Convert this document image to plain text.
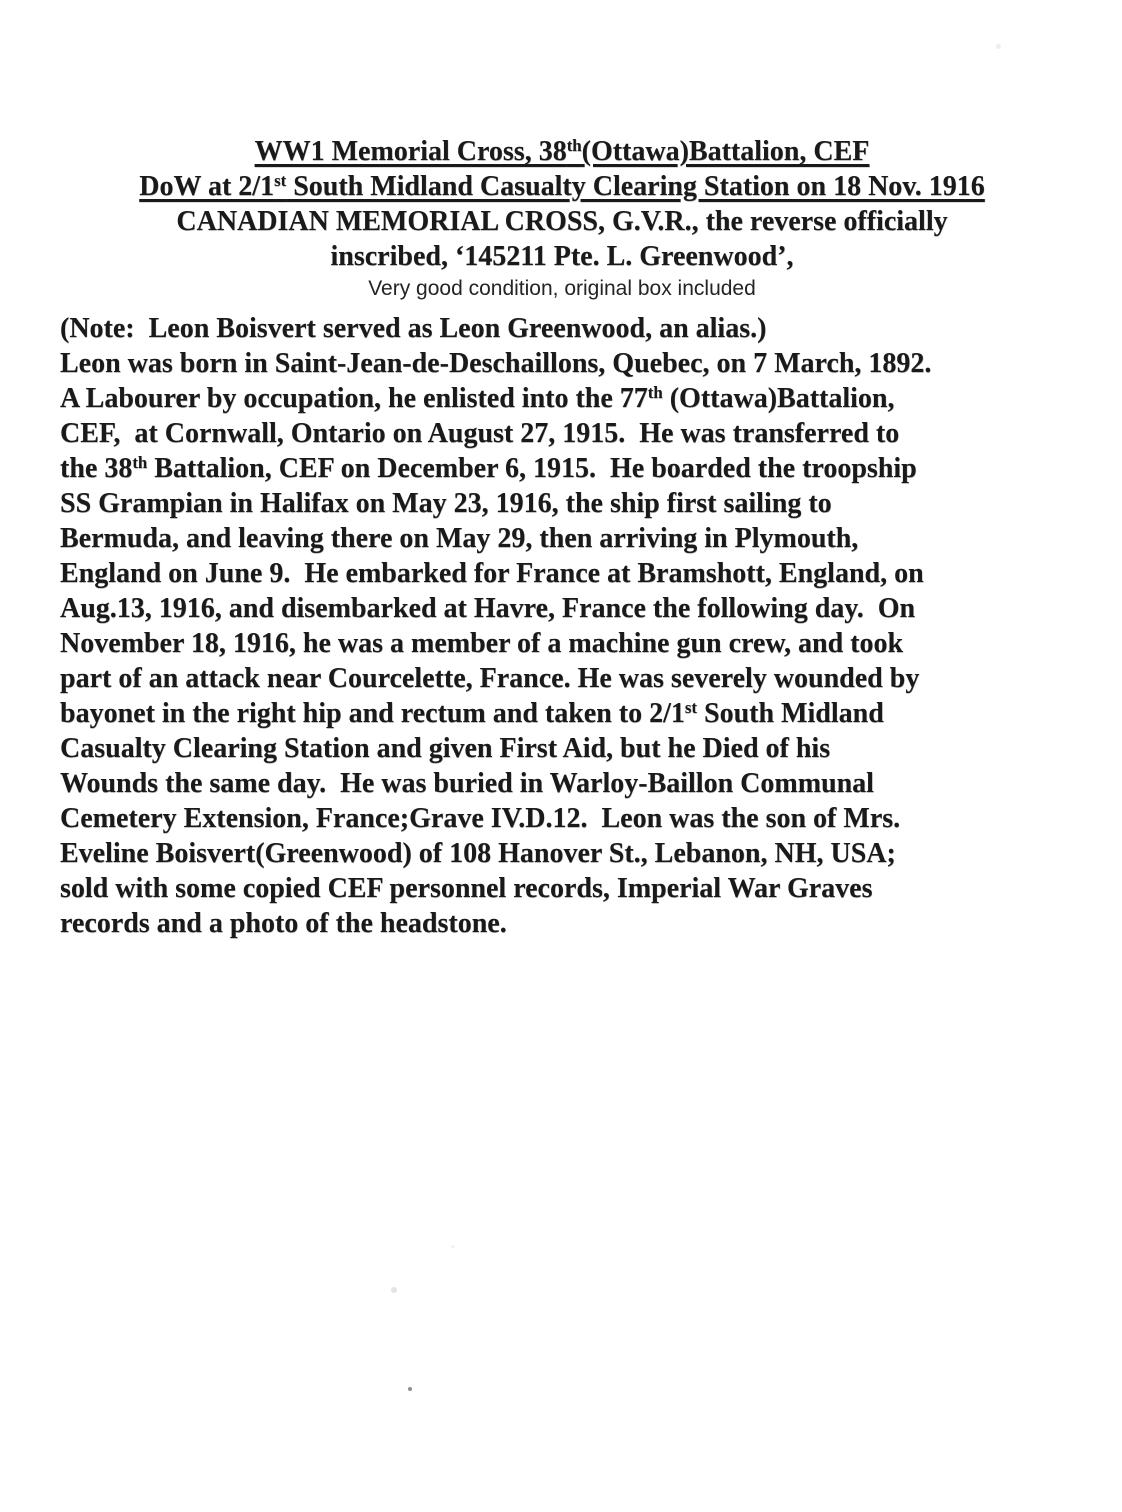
WW1 Memorial Cross, 38th(Ottawa)Battalion, CEF
DoW at 2/1st South Midland Casualty Clearing Station on 18 Nov. 1916
CANADIAN MEMORIAL CROSS, G.V.R., the reverse officially
inscribed, ‘145211 Pte. L. Greenwood’,
Very good condition, original box included
(Note:  Leon Boisvert served as Leon Greenwood, an alias.)
Leon was born in Saint-Jean-de-Deschaillons, Quebec, on 7 March, 1892.
A Labourer by occupation, he enlisted into the 77th (Ottawa)Battalion,
CEF,  at Cornwall, Ontario on August 27, 1915.  He was transferred to
the 38th Battalion, CEF on December 6, 1915.  He boarded the troopship
SS Grampian in Halifax on May 23, 1916, the ship first sailing to
Bermuda, and leaving there on May 29, then arriving in Plymouth,
England on June 9.  He embarked for France at Bramshott, England, on
Aug.13, 1916, and disembarked at Havre, France the following day.  On
November 18, 1916, he was a member of a machine gun crew, and took
part of an attack near Courcelette, France. He was severely wounded by
bayonet in the right hip and rectum and taken to 2/1st South Midland
Casualty Clearing Station and given First Aid, but he Died of his
Wounds the same day.  He was buried in Warloy-Baillon Communal
Cemetery Extension, France;Grave IV.D.12.  Leon was the son of Mrs.
Eveline Boisvert(Greenwood) of 108 Hanover St., Lebanon, NH, USA;
sold with some copied CEF personnel records, Imperial War Graves
records and a photo of the headstone.
